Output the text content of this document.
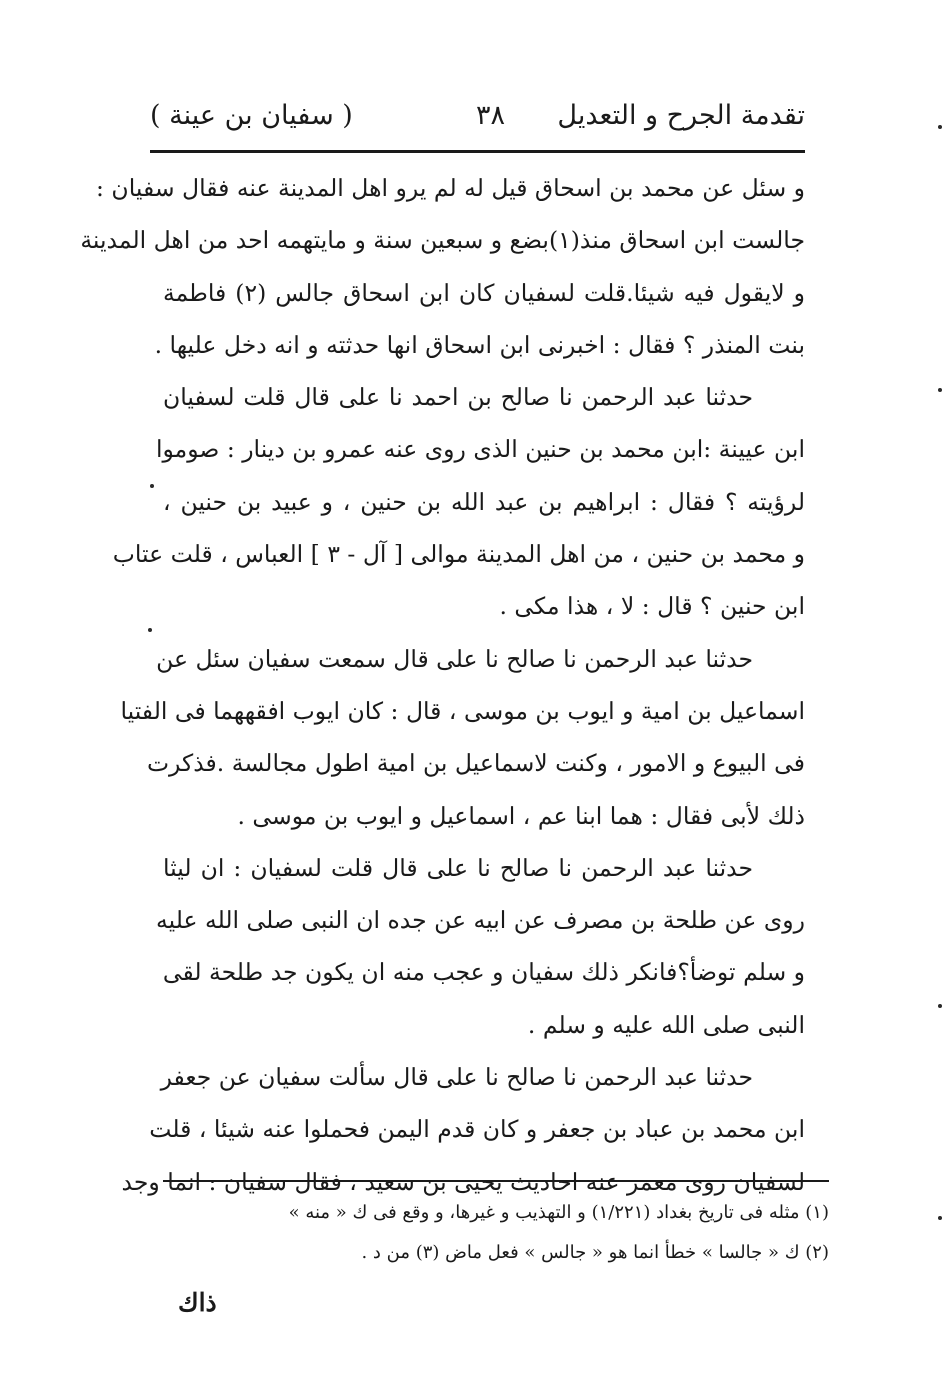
تقدمة الجرح و التعديل
٣٨
( سفيان بن عينة )
و سئل عن محمد بن اسحاق قيل له لم يرو اهل المدينة عنه فقال سفيان :
جالست ابن اسحاق منذ(١)بضع و سبعين سنة و مايتهمه احد من اهل المدينة
و لايقول فيه شيئا.قلت لسفيان كان ابن اسحاق جالس (٢) فاطمة
بنت المنذر ؟ فقال : اخبرنى ابن اسحاق انها حدثته و انه دخل عليها .
حدثنا عبد الرحمن نا صالح بن احمد نا على قال قلت لسفيان
ابن عيينة :ابن محمد بن حنين الذى روى عنه عمرو بن دينار : صوموا
لرؤيته ؟ فقال : ابراهيم بن عبد الله بن حنين ، و عبيد بن حنين ،
و محمد بن حنين ، من اهل المدينة موالى [ آل - ٣ ] العباس ، قلت عتاب
ابن حنين ؟ قال : لا ، هذا مكى .
حدثنا عبد الرحمن نا صالح نا على قال سمعت سفيان سئل عن
اسماعيل بن امية و ايوب بن موسى ، قال : كان ايوب افقههما فى الفتيا
فى البيوع و الامور ، وكنت لاسماعيل بن امية اطول مجالسة .فذكرت
ذلك لأبى فقال : هما ابنا عم ، اسماعيل و ايوب بن موسى .
حدثنا عبد الرحمن نا صالح نا على قال قلت لسفيان : ان ليثا
روى عن طلحة بن مصرف عن ابيه عن جده ان النبى صلى الله عليه
و سلم توضأ؟فانكر ذلك سفيان و عجب منه ان يكون جد طلحة لقى
النبى صلى الله عليه و سلم .
حدثنا عبد الرحمن نا صالح نا على قال سألت سفيان عن جعفر
ابن محمد بن عباد بن جعفر و كان قدم اليمن فحملوا عنه شيئا ، قلت
لسفيان روى معمر عنه احاديث يحيى بن سعيد ، فقال سفيان : انما وجد
(١) مثله فى تاريخ بغداد (١/٢٢١) و التهذيب و غيرها، و وقع فى ك « منه »
(٢) ك « جالسا » خطأ انما هو « جالس » فعل ماض (٣) من د .
ذاك
